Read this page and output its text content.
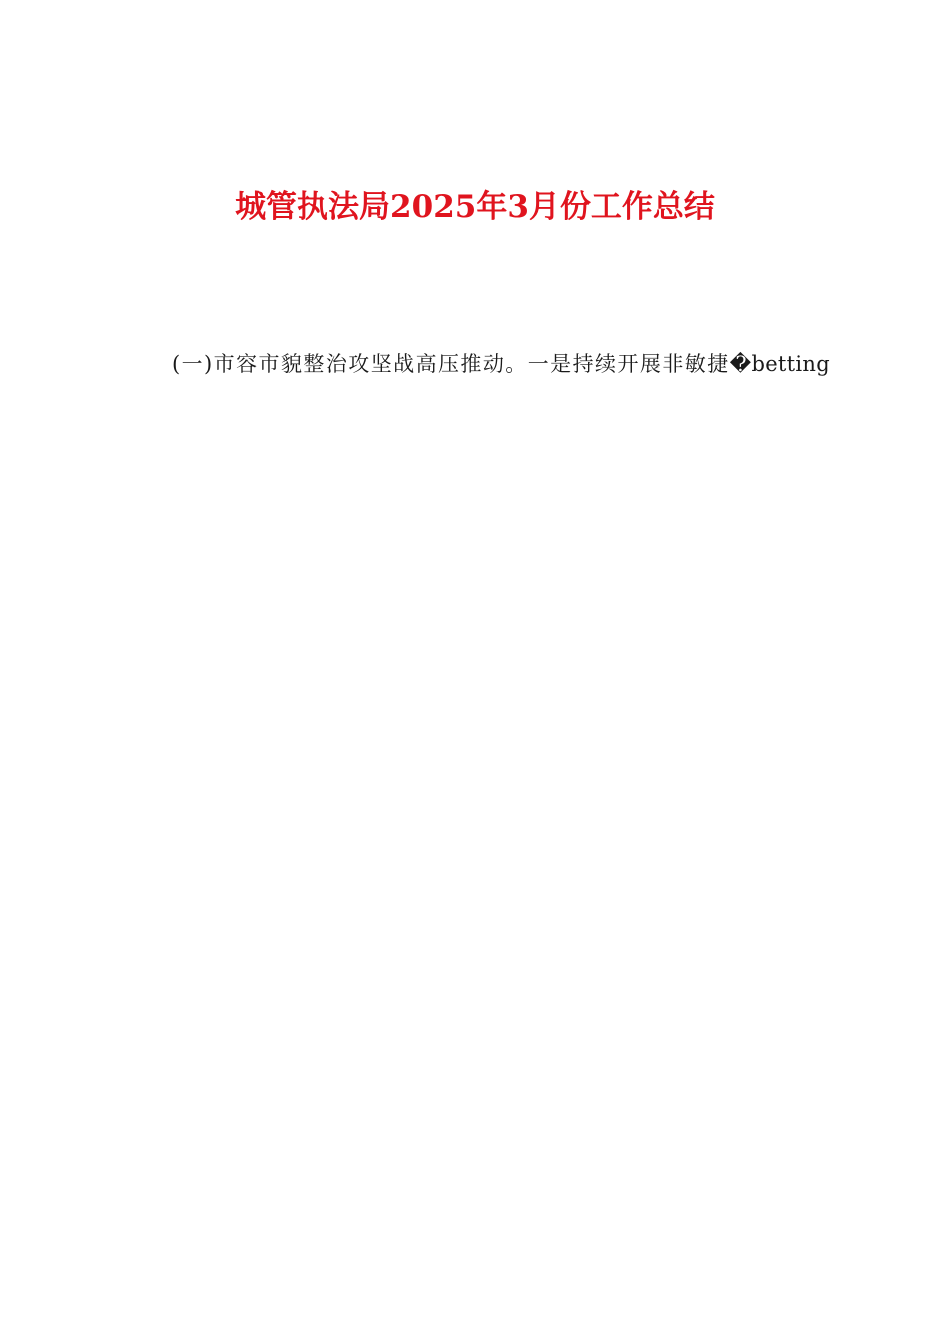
城管执法局2025年3月份工作总结
(一)市容市貌整治攻坚战高压推动。一是持续开展非敏捷�betting
